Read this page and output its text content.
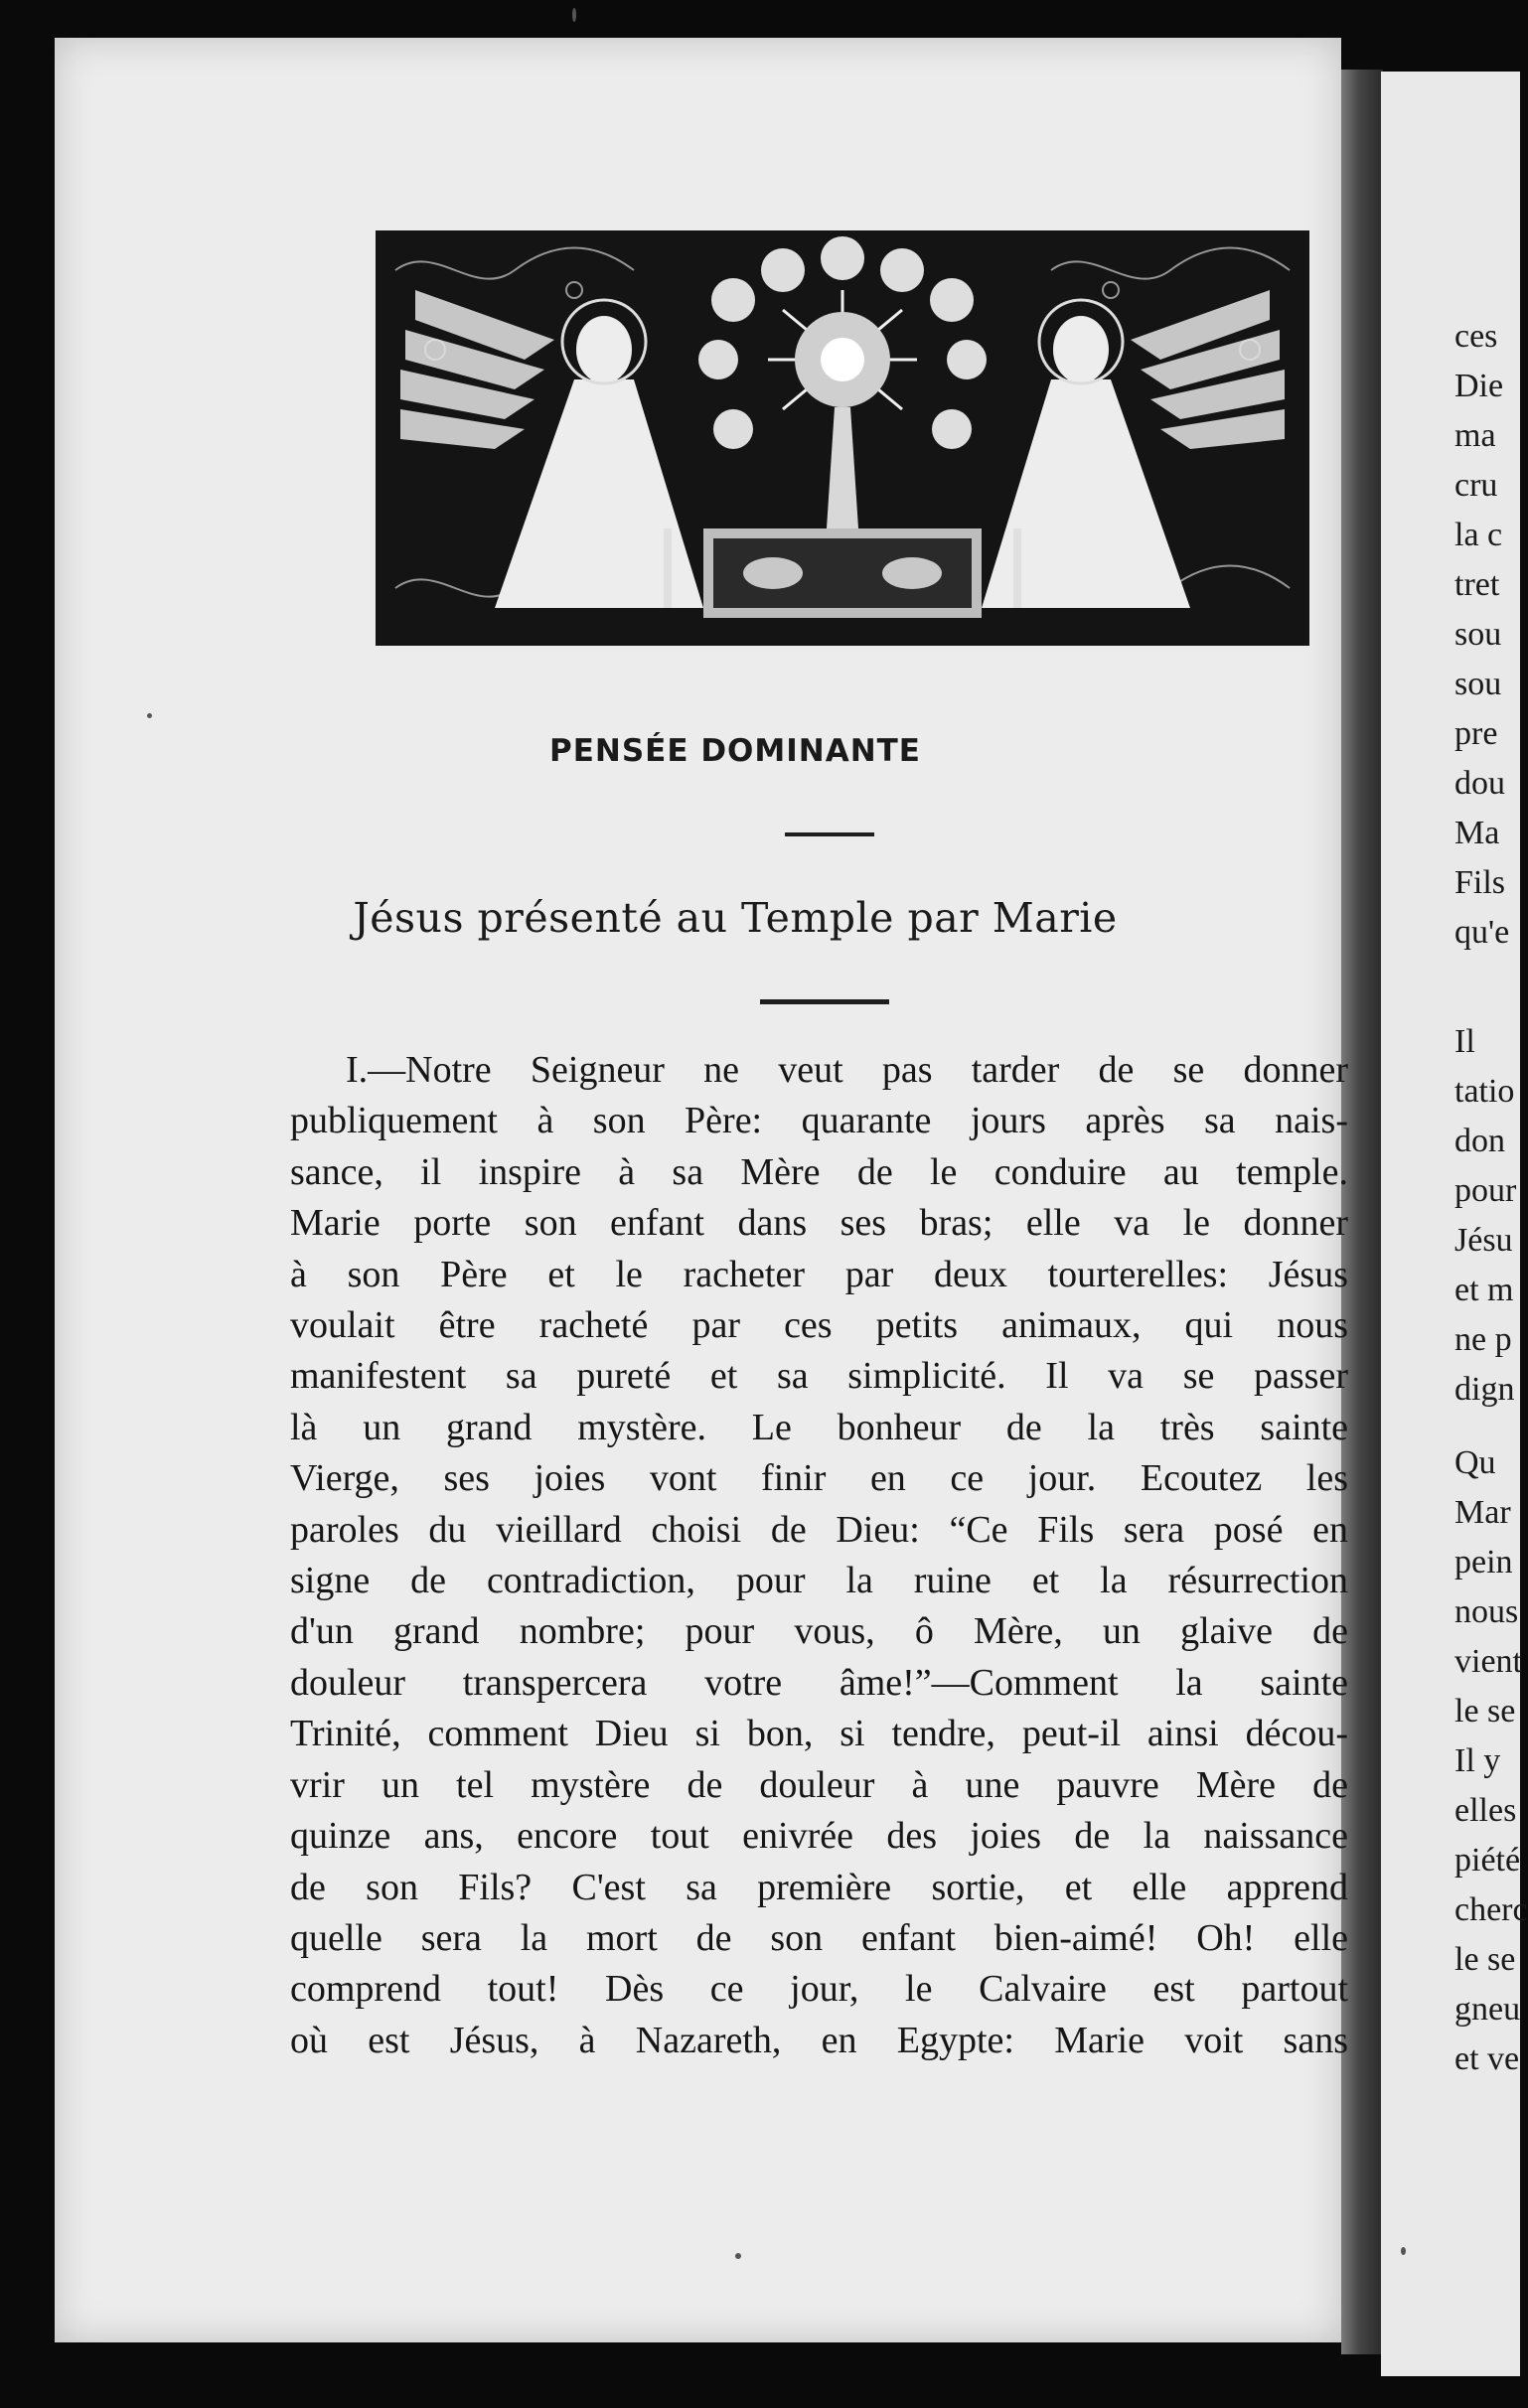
PENSÉE DOMINANTE
Jésus présenté au Temple par Marie
I.—Notre Seigneur ne veut pas tarder de se donner
publiquement à son Père: quarante jours après sa nais-
sance, il inspire à sa Mère de le conduire au temple.
Marie porte son enfant dans ses bras; elle va le donner
à son Père et le racheter par deux tourterelles: Jésus
voulait être racheté par ces petits animaux, qui nous
manifestent sa pureté et sa simplicité. Il va se passer
là un grand mystère. Le bonheur de la très sainte
Vierge, ses joies vont finir en ce jour. Ecoutez les
paroles du vieillard choisi de Dieu: “Ce Fils sera posé en
signe de contradiction, pour la ruine et la résurrection
d'un grand nombre; pour vous, ô Mère, un glaive de
douleur transpercera votre âme!”—Comment la sainte
Trinité, comment Dieu si bon, si tendre, peut-il ainsi décou-
vrir un tel mystère de douleur à une pauvre Mère de
quinze ans, encore tout enivrée des joies de la naissance
de son Fils? C'est sa première sortie, et elle apprend
quelle sera la mort de son enfant bien-aimé! Oh! elle
comprend tout! Dès ce jour, le Calvaire est partout
où est Jésus, à Nazareth, en Egypte: Marie voit sans
ces
Die
ma
cru
la c
tret
sou
sou
pre
dou
Ma
Fils
qu'e
Il
tatio
don
pour
Jésu
et m
ne p
dign
Qu
Mar
pein
nous
vient
le se
Il y
elles
piété
cherc
le se
gneu
et ve
